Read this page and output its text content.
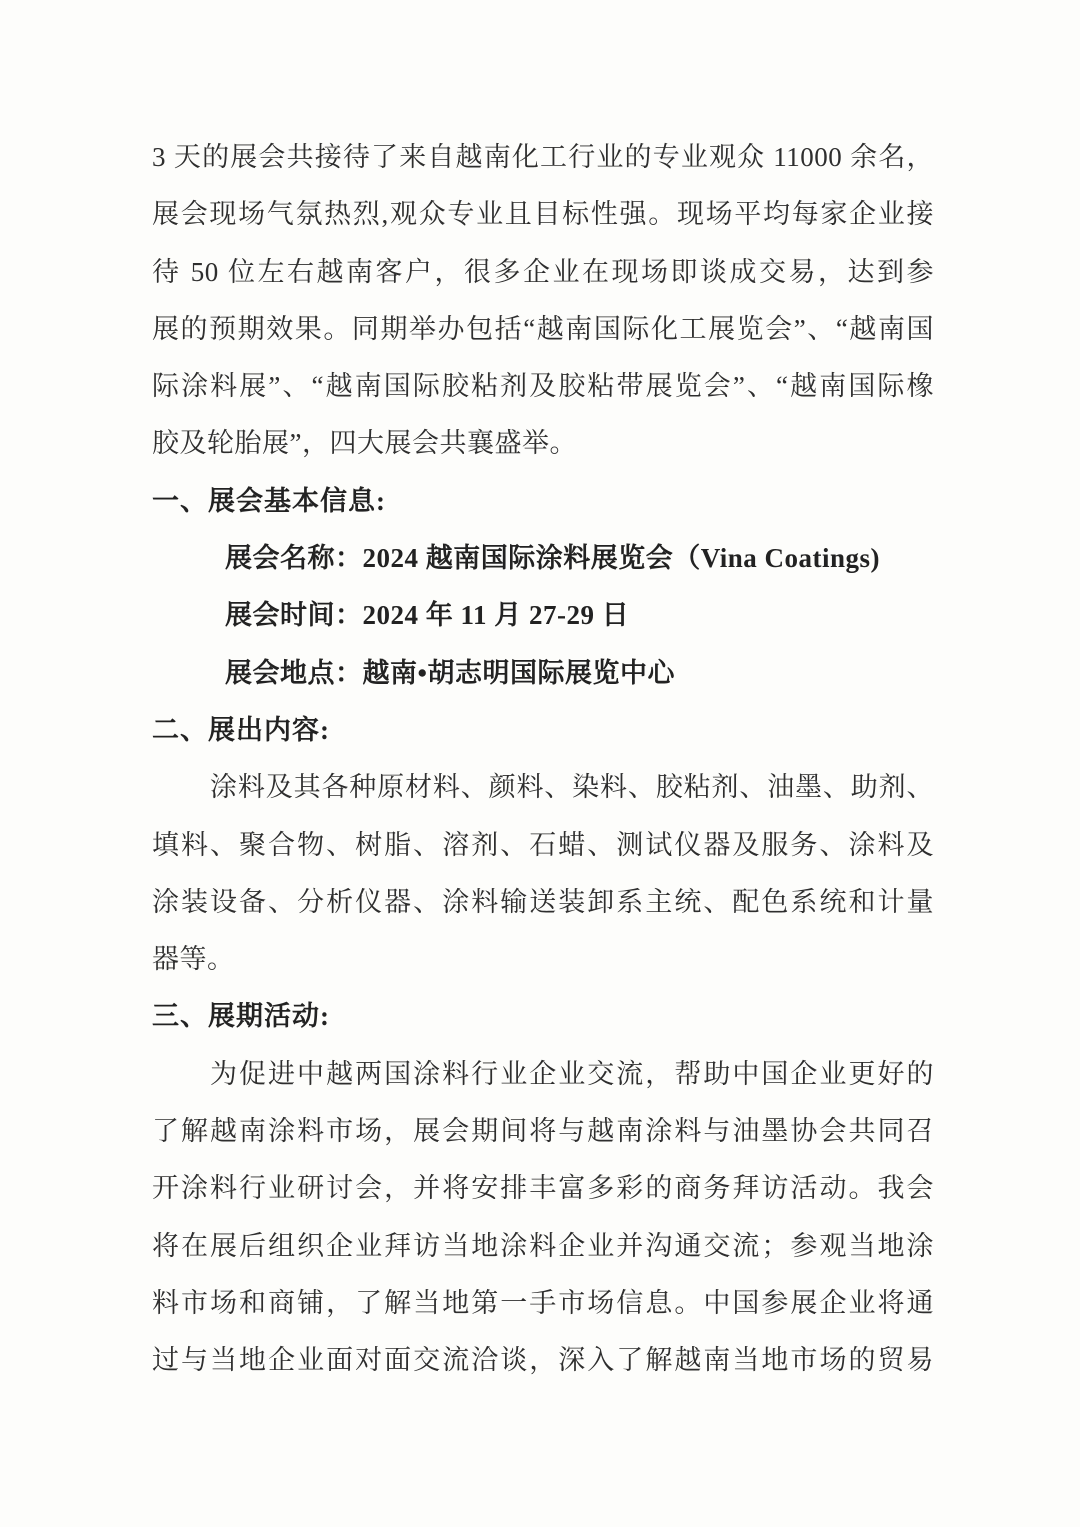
3 天的展会共接待了来自越南化工行业的专业观众 11000 余名，
展会现场气氛热烈,观众专业且目标性强。现场平均每家企业接
待 50 位左右越南客户，很多企业在现场即谈成交易，达到参
展的预期效果。同期举办包括“越南国际化工展览会”、“越南国
际涂料展”、“越南国际胶粘剂及胶粘带展览会”、“越南国际橡
胶及轮胎展”，四大展会共襄盛举。
一、展会基本信息:
展会名称：2024 越南国际涂料展览会（Vina Coatings)
展会时间：2024 年 11 月 27-29 日
展会地点：越南•胡志明国际展览中心
二、展出内容:
涂料及其各种原材料、颜料、染料、胶粘剂、油墨、助剂、
填料、聚合物、树脂、溶剂、石蜡、测试仪器及服务、涂料及
涂装设备、分析仪器、涂料输送装卸系主统、配色系统和计量
器等。
三、展期活动:
为促进中越两国涂料行业企业交流，帮助中国企业更好的
了解越南涂料市场，展会期间将与越南涂料与油墨协会共同召
开涂料行业研讨会，并将安排丰富多彩的商务拜访活动。我会
将在展后组织企业拜访当地涂料企业并沟通交流；参观当地涂
料市场和商铺，了解当地第一手市场信息。中国参展企业将通
过与当地企业面对面交流洽谈，深入了解越南当地市场的贸易
